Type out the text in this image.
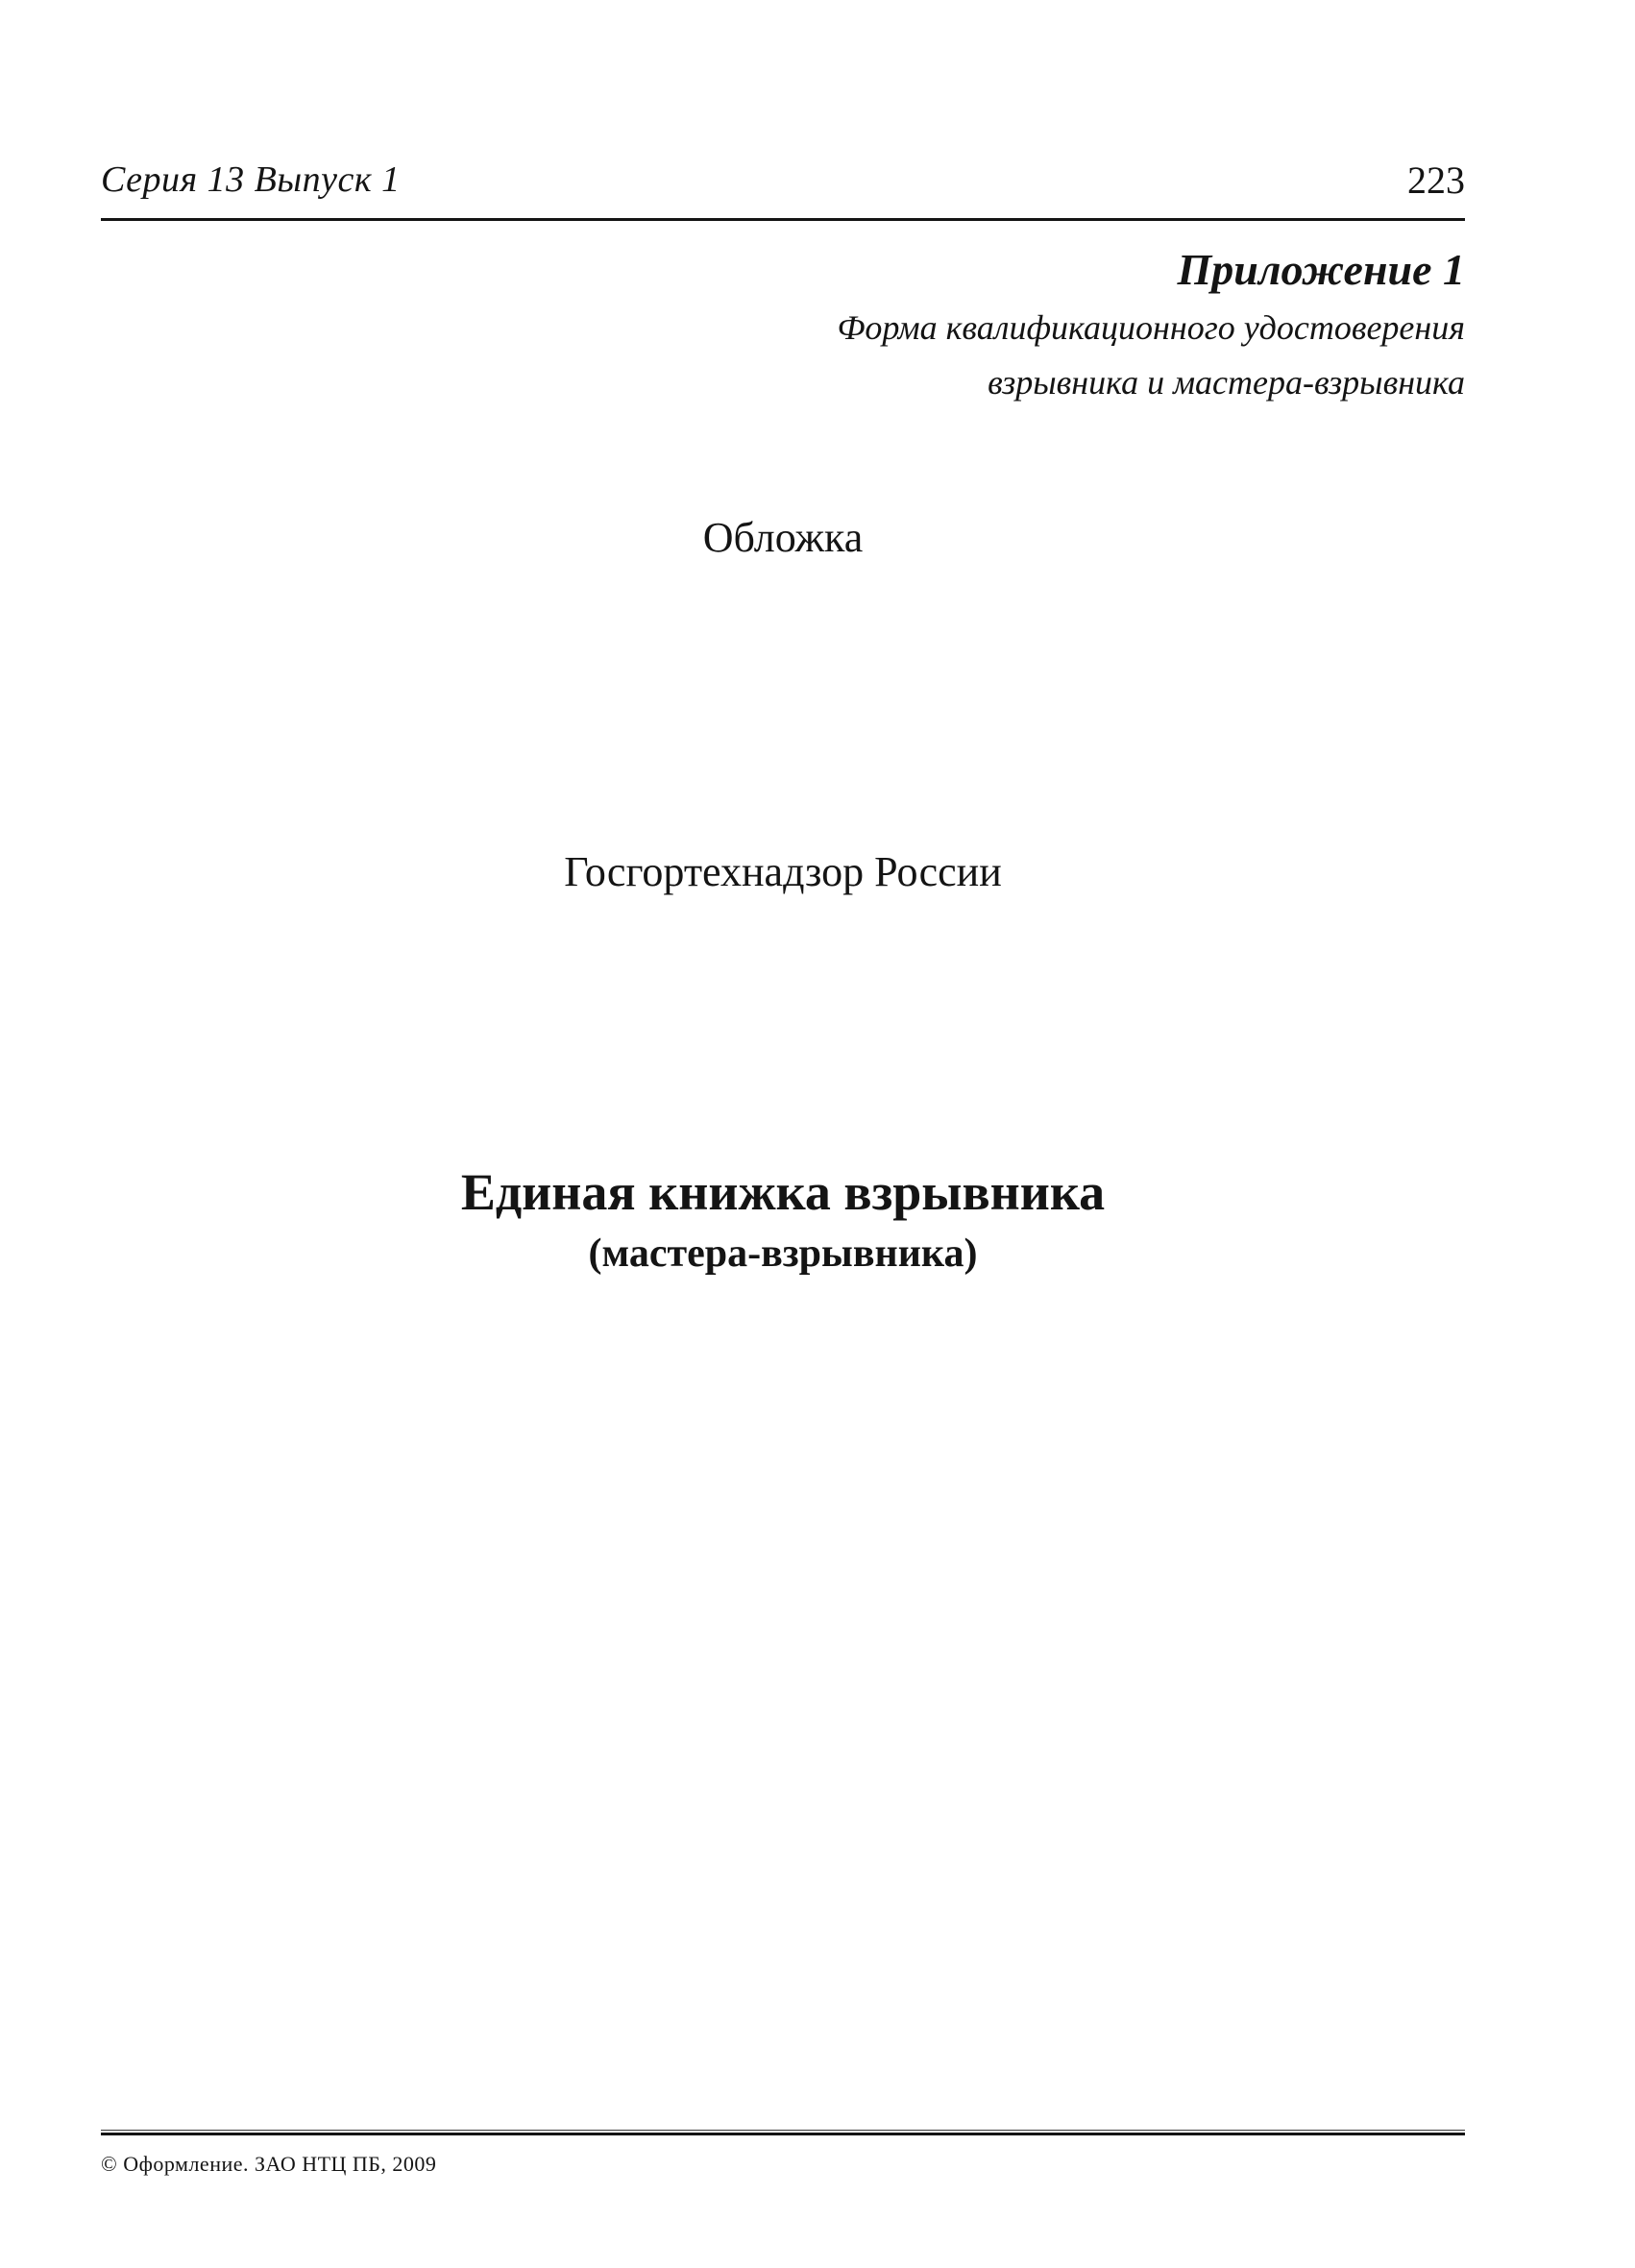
Серия 13 Выпуск 1	223
Приложение 1
Форма квалификационного удостоверения
взрывника и мастера-взрывника
Обложка
Госгортехнадзор России
Единая книжка взрывника
(мастера-взрывника)
© Оформление. ЗАО НТЦ ПБ, 2009
